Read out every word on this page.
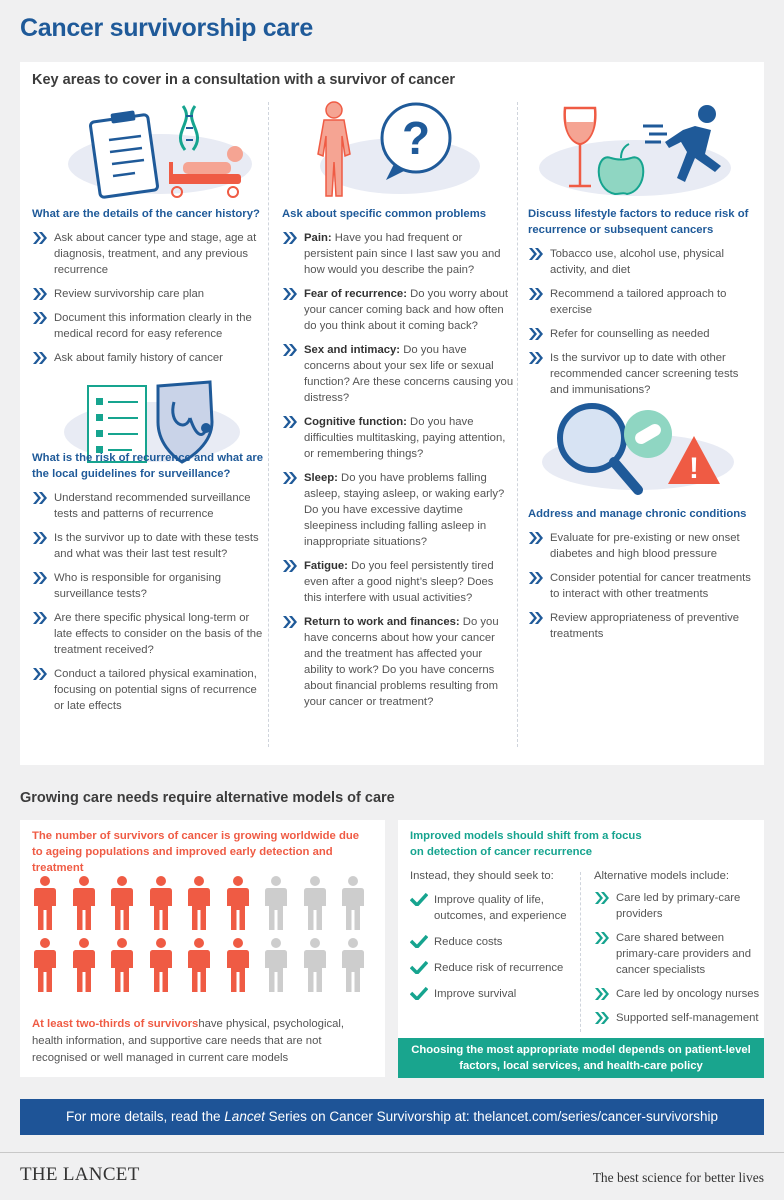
Cancer survivorship care
Key areas to cover in a consultation with a survivor of cancer
What are the details of the cancer history?
Ask about cancer type and stage, age at diagnosis, treatment, and any previous recurrence
Review survivorship care plan
Document this information clearly in the medical record for easy reference
Ask about family history of cancer
What is the risk of recurrence and what are the local guidelines for surveillance?
Understand recommended surveillance tests and patterns of recurrence
Is the survivor up to date with these tests and what was their last test result?
Who is responsible for organising surveillance tests?
Are there specific physical long-term or late effects to consider on the basis of the treatment received?
Conduct a tailored physical examination, focusing on potential signs of recurrence or late effects
?
Ask about specific common problems
Pain: Have you had frequent or persistent pain since I last saw you and how would you describe the pain?
Fear of recurrence: Do you worry about your cancer coming back and how often do you think about it coming back?
Sex and intimacy: Do you have concerns about your sex life or sexual function? Are these concerns causing you distress?
Cognitive function: Do you have difficulties multitasking, paying attention, or remembering things?
Sleep: Do you have problems falling asleep, staying asleep, or waking early? Do you have excessive daytime sleepiness including falling asleep in inappropriate situations?
Fatigue: Do you feel persistently tired even after a good night’s sleep? Does this interfere with usual activities?
Return to work and finances: Do you have concerns about how your cancer and the treatment has affected your ability to work? Do you have concerns about financial problems resulting from your cancer or treatment?
Discuss lifestyle factors to reduce risk of recurrence or subsequent cancers
Tobacco use, alcohol use, physical activity, and diet
Recommend a tailored approach to exercise
Refer for counselling as needed
Is the survivor up to date with other recommended cancer screening tests and immunisations?
!
Address and manage chronic conditions
Evaluate for pre-existing or new onset diabetes and high blood pressure
Consider potential for cancer treatments to interact with other treatments
Review appropriateness of preventive treatments
Growing care needs require alternative models of care
The number of survivors of cancer is growing worldwide due to ageing populations and improved early detection and treatment
At least two-thirds of survivorshave physical, psychological, health information, and supportive care needs that are not recognised or well managed in current care models
Improved models should shift from a focus on detection of cancer recurrence
Instead, they should seek to:
Improve quality of life, outcomes, and experience
Reduce costs
Reduce risk of recurrence
Improve survival
Alternative models include:
Care led by primary-care providers
Care shared between primary-care providers and cancer specialists
Care led by oncology nurses
Supported self-management
Choosing the most appropriate model depends on patient-level factors, local services, and health-care policy
For more details, read the Lancet Series on Cancer Survivorship at: thelancet.com/series/cancer-survivorship
THE LANCET	The best science for better lives
